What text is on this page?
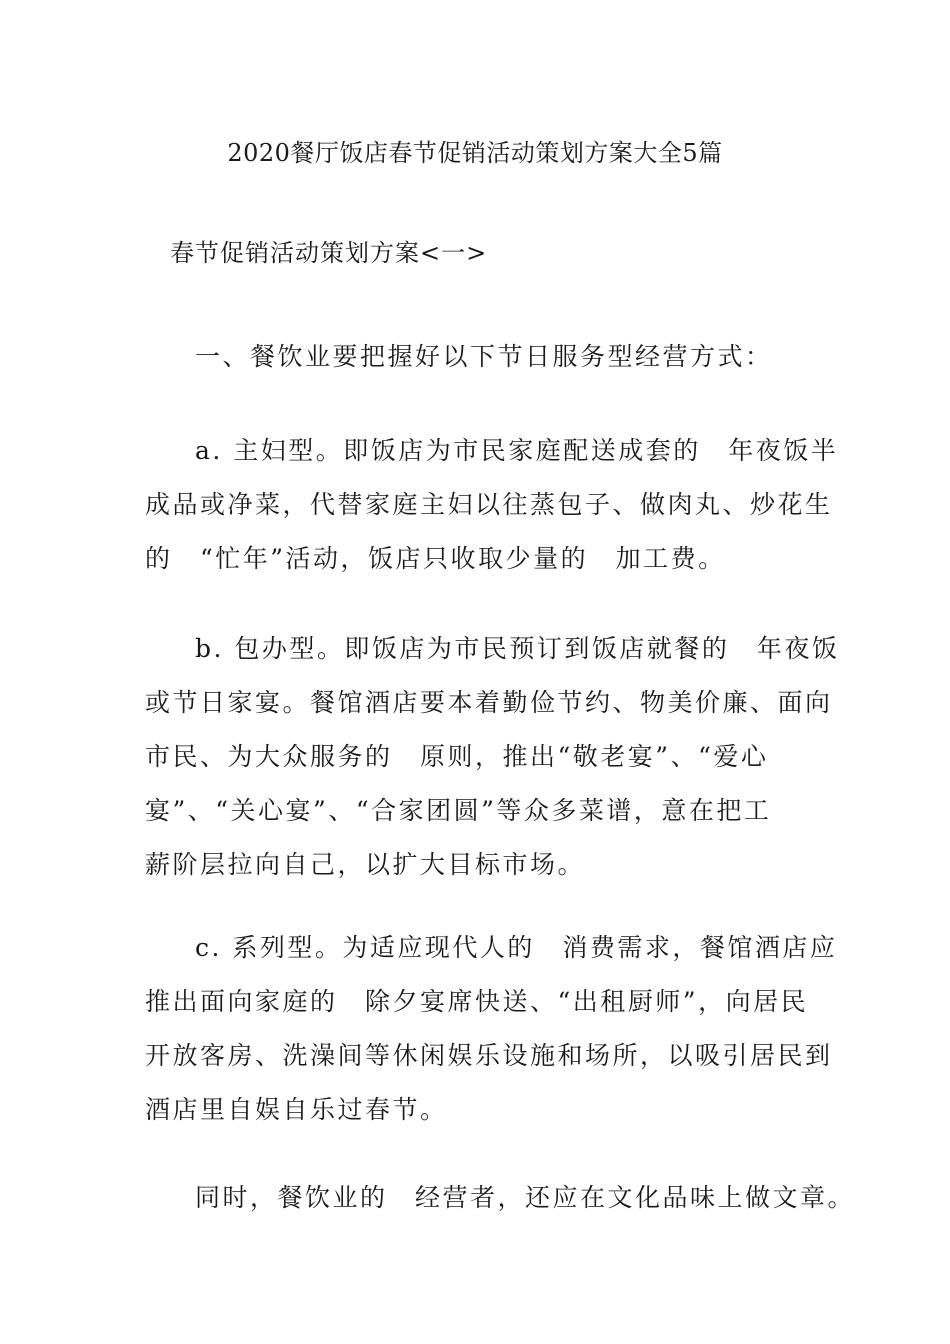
2020餐厅饭店春节促销活动策划方案大全5篇
春节促销活动策划方案<一>
一、餐饮业要把握好以下节日服务型经营方式：
a. 主妇型。即饭店为市民家庭配送成套的　年夜饭半
成品或净菜，代替家庭主妇以往蒸包子、做肉丸、炒花生
的　“忙年”活动，饭店只收取少量的　加工费。
b. 包办型。即饭店为市民预订到饭店就餐的　年夜饭
或节日家宴。餐馆酒店要本着勤俭节约、物美价廉、面向
市民、为大众服务的　原则，推出“敬老宴”、“爱心
宴”、“关心宴”、“合家团圆”等众多菜谱，意在把工
薪阶层拉向自己，以扩大目标市场。
c. 系列型。为适应现代人的　消费需求，餐馆酒店应
推出面向家庭的　除夕宴席快送、“出租厨师”，向居民
开放客房、洗澡间等休闲娱乐设施和场所，以吸引居民到
酒店里自娱自乐过春节。
同时，餐饮业的　经营者，还应在文化品味上做文章。
